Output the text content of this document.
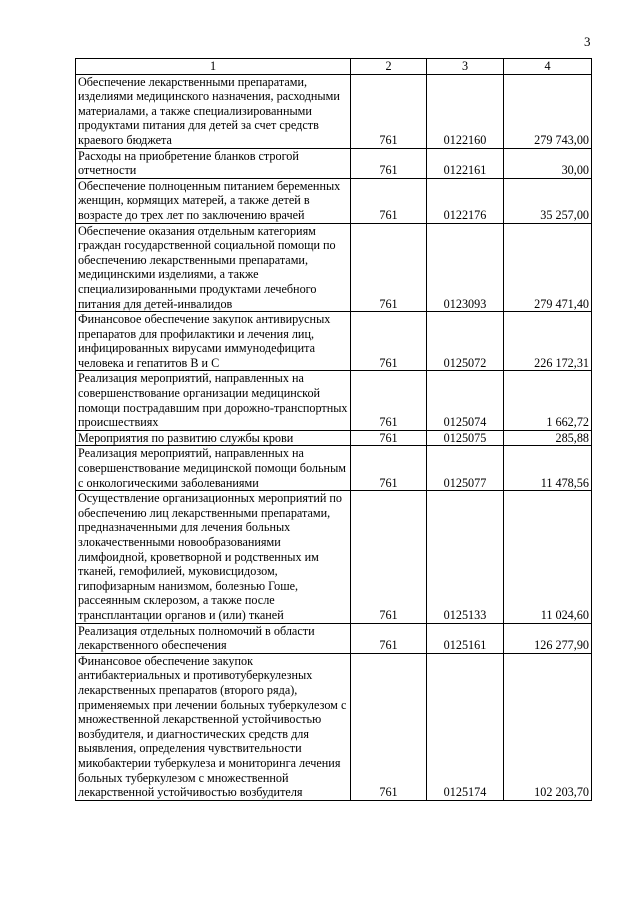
3
1	2	3	4
Обеспечение лекарственными препаратами, изделиями медицинского назначения, расходными материалами, а также специализированными продуктами питания для детей за счет средств краевого бюджета	761	0122160	279 743,00
Расходы на приобретение бланков строгой отчетности	761	0122161	30,00
Обеспечение полноценным питанием беременных женщин, кормящих матерей, а также детей в возрасте до трех лет по заключению врачей	761	0122176	35 257,00
Обеспечение оказания отдельным категориям граждан государственной социальной помощи по обеспечению лекарственными препаратами, медицинскими изделиями, а также специализированными продуктами лечебного питания для детей-инвалидов	761	0123093	279 471,40
Финансовое обеспечение закупок антивирусных препаратов для профилактики и лечения лиц, инфицированных вирусами иммунодефицита человека и гепатитов В и С	761	0125072	226 172,31
Реализация мероприятий, направленных на совершенствование организации медицинской помощи пострадавшим при дорожно-транспортных происшествиях	761	0125074	1 662,72
Мероприятия по развитию службы крови	761	0125075	285,88
Реализация мероприятий, направленных на совершенствование медицинской помощи больным с онкологическими заболеваниями	761	0125077	11 478,56
Осуществление организационных мероприятий по обеспечению лиц лекарственными препаратами, предназначенными для лечения больных злокачественными новообразованиями лимфоидной, кроветворной и родственных им тканей, гемофилией, муковисцидозом, гипофизарным нанизмом, болезнью Гоше, рассеянным склерозом, а также после трансплантации органов и (или) тканей	761	0125133	11 024,60
Реализация отдельных полномочий в области лекарственного обеспечения	761	0125161	126 277,90
Финансовое обеспечение закупок антибактериальных и противотуберкулезных лекарственных препаратов (второго ряда), применяемых при лечении больных туберкулезом с множественной лекарственной устойчивостью возбудителя, и диагностических средств для выявления, определения чувствительности микобактерии туберкулеза и мониторинга лечения больных туберкулезом с множественной лекарственной устойчивостью возбудителя	761	0125174	102 203,70
